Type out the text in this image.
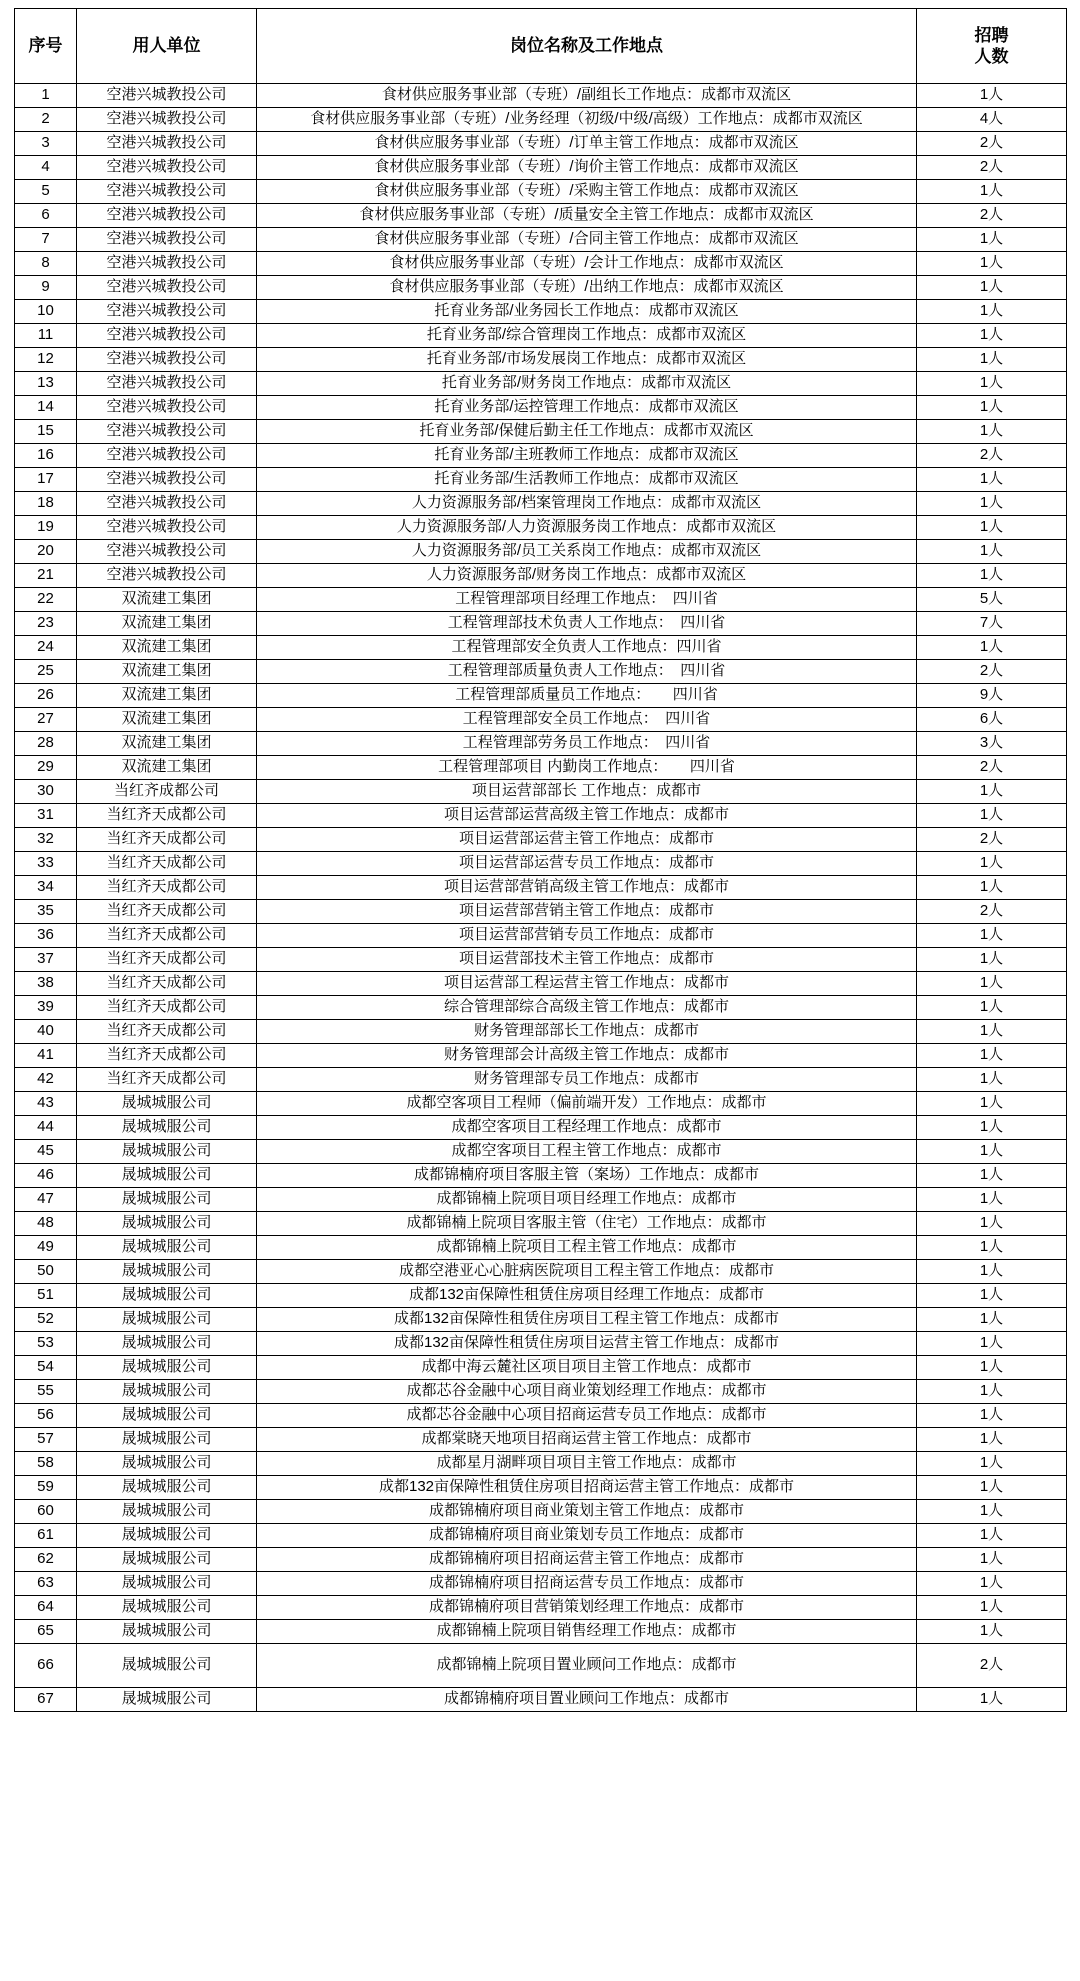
序号	用人单位	岗位名称及工作地点	招聘
人数

1	空港兴城教投公司	食材供应服务事业部（专班）/副组长工作地点：成都市双流区	1人
2	空港兴城教投公司	食材供应服务事业部（专班）/业务经理（初级/中级/高级）工作地点：成都市双流区	4人
3	空港兴城教投公司	食材供应服务事业部（专班）/订单主管工作地点：成都市双流区	2人
4	空港兴城教投公司	食材供应服务事业部（专班）/询价主管工作地点：成都市双流区	2人
5	空港兴城教投公司	食材供应服务事业部（专班）/采购主管工作地点：成都市双流区	1人
6	空港兴城教投公司	食材供应服务事业部（专班）/质量安全主管工作地点：成都市双流区	2人
7	空港兴城教投公司	食材供应服务事业部（专班）/合同主管工作地点：成都市双流区	1人
8	空港兴城教投公司	食材供应服务事业部（专班）/会计工作地点：成都市双流区	1人
9	空港兴城教投公司	食材供应服务事业部（专班）/出纳工作地点：成都市双流区	1人
10	空港兴城教投公司	托育业务部/业务园长工作地点：成都市双流区	1人
11	空港兴城教投公司	托育业务部/综合管理岗工作地点：成都市双流区	1人
12	空港兴城教投公司	托育业务部/市场发展岗工作地点：成都市双流区	1人
13	空港兴城教投公司	托育业务部/财务岗工作地点：成都市双流区	1人
14	空港兴城教投公司	托育业务部/运控管理工作地点：成都市双流区	1人
15	空港兴城教投公司	托育业务部/保健后勤主任工作地点：成都市双流区	1人
16	空港兴城教投公司	托育业务部/主班教师工作地点：成都市双流区	2人
17	空港兴城教投公司	托育业务部/生活教师工作地点：成都市双流区	1人
18	空港兴城教投公司	人力资源服务部/档案管理岗工作地点：成都市双流区	1人
19	空港兴城教投公司	人力资源服务部/人力资源服务岗工作地点：成都市双流区	1人
20	空港兴城教投公司	人力资源服务部/员工关系岗工作地点：成都市双流区	1人
21	空港兴城教投公司	人力资源服务部/财务岗工作地点：成都市双流区	1人
22	双流建工集团	工程管理部项目经理工作地点：　四川省	5人
23	双流建工集团	工程管理部技术负责人工作地点：　四川省	7人
24	双流建工集团	工程管理部安全负责人工作地点：四川省	1人
25	双流建工集团	工程管理部质量负责人工作地点：　四川省	2人
26	双流建工集团	工程管理部质量员工作地点：　　四川省	9人
27	双流建工集团	工程管理部安全员工作地点：　四川省	6人
28	双流建工集团	工程管理部劳务员工作地点：　四川省	3人
29	双流建工集团	工程管理部项目 内勤岗工作地点：　　四川省	2人
30	当红齐成都公司	项目运营部部长 工作地点：成都市	1人
31	当红齐天成都公司	项目运营部运营高级主管工作地点：成都市	1人
32	当红齐天成都公司	项目运营部运营主管工作地点：成都市	2人
33	当红齐天成都公司	项目运营部运营专员工作地点：成都市	1人
34	当红齐天成都公司	项目运营部营销高级主管工作地点：成都市	1人
35	当红齐天成都公司	项目运营部营销主管工作地点：成都市	2人
36	当红齐天成都公司	项目运营部营销专员工作地点：成都市	1人
37	当红齐天成都公司	项目运营部技术主管工作地点：成都市	1人
38	当红齐天成都公司	项目运营部工程运营主管工作地点：成都市	1人
39	当红齐天成都公司	综合管理部综合高级主管工作地点：成都市	1人
40	当红齐天成都公司	财务管理部部长工作地点：成都市	1人
41	当红齐天成都公司	财务管理部会计高级主管工作地点：成都市	1人
42	当红齐天成都公司	财务管理部专员工作地点：成都市	1人
43	晟城城服公司	成都空客项目工程师（偏前端开发）工作地点：成都市	1人
44	晟城城服公司	成都空客项目工程经理工作地点：成都市	1人
45	晟城城服公司	成都空客项目工程主管工作地点：成都市	1人
46	晟城城服公司	成都锦楠府项目客服主管（案场）工作地点：成都市	1人
47	晟城城服公司	成都锦楠上院项目项目经理工作地点：成都市	1人
48	晟城城服公司	成都锦楠上院项目客服主管（住宅）工作地点：成都市	1人
49	晟城城服公司	成都锦楠上院项目工程主管工作地点：成都市	1人
50	晟城城服公司	成都空港亚心心脏病医院项目工程主管工作地点：成都市	1人
51	晟城城服公司	成都132亩保障性租赁住房项目经理工作地点：成都市	1人
52	晟城城服公司	成都132亩保障性租赁住房项目工程主管工作地点：成都市	1人
53	晟城城服公司	成都132亩保障性租赁住房项目运营主管工作地点：成都市	1人
54	晟城城服公司	成都中海云麓社区项目项目主管工作地点：成都市	1人
55	晟城城服公司	成都芯谷金融中心项目商业策划经理工作地点：成都市	1人
56	晟城城服公司	成都芯谷金融中心项目招商运营专员工作地点：成都市	1人
57	晟城城服公司	成都棠晓天地项目招商运营主管工作地点：成都市	1人
58	晟城城服公司	成都星月湖畔项目项目主管工作地点：成都市	1人
59	晟城城服公司	成都132亩保障性租赁住房项目招商运营主管工作地点：成都市	1人
60	晟城城服公司	成都锦楠府项目商业策划主管工作地点：成都市	1人
61	晟城城服公司	成都锦楠府项目商业策划专员工作地点：成都市	1人
62	晟城城服公司	成都锦楠府项目招商运营主管工作地点：成都市	1人
63	晟城城服公司	成都锦楠府项目招商运营专员工作地点：成都市	1人
64	晟城城服公司	成都锦楠府项目营销策划经理工作地点：成都市	1人
65	晟城城服公司	成都锦楠上院项目销售经理工作地点：成都市	1人
66	晟城城服公司	成都锦楠上院项目置业顾问工作地点：成都市	2人
67	晟城城服公司	成都锦楠府项目置业顾问工作地点：成都市	1人
